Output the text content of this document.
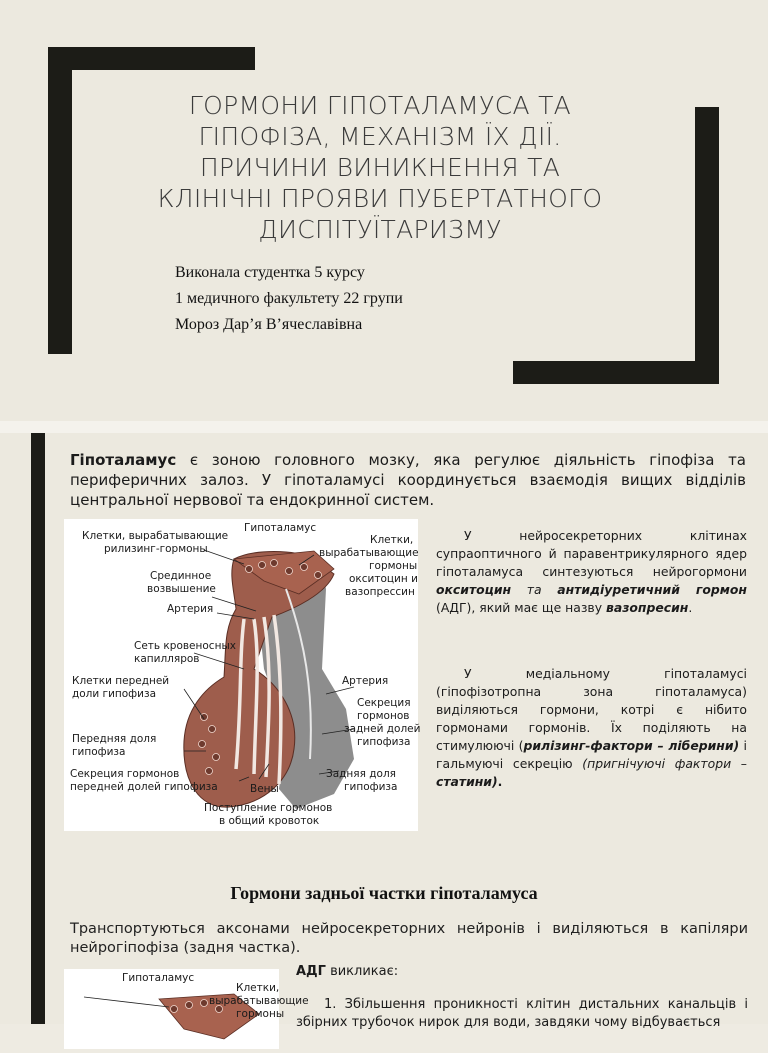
ГОРМОНИ ГІПОТАЛАМУСА ТА ГІПОФІЗА, МЕХАНІЗМ ЇХ ДІЇ. ПРИЧИНИ ВИНИКНЕННЯ ТА КЛІНІЧНІ ПРОЯВИ ПУБЕРТАТНОГО ДИСПІТУЇТАРИЗМУ
Виконала студентка 5 курсу
1 медичного факультету 22 групи
Мороз Дар’я В’ячеславівна
Гіпоталамус є зоною головного мозку, яка регулює діяльність гіпофіза та периферичних залоз. У гіпоталамусі координується взаємодія вищих відділів центральної нервової та ендокринної систем.
Гипоталамус
Клетки, вырабатывающие
рилизинг-гормоны
Клетки,
вырабатывающие
гормоны
окситоцин и
вазопрессин
Срединное
возвышение
Артерия
Сеть кровеносных
капилляров
Клетки передней
доли гипофиза
Артерия
Секреция
гормонов
задней долей
гипофиза
Передняя доля
гипофиза
Секреция гормонов
передней долей гипофиза	Вены
Задняя доля
гипофиза
Поступление гормонов
в общий кровоток
У нейросекреторних клітинах супраоптичного й паравентрикулярного ядер гіпоталамуса синтезуються нейрогормони окситоцин та антидіуретичний гормон (АДГ), який має ще назву вазопресин.
У медіальному гіпоталамусі (гіпофізотропна зона гіпоталамуса) виділяються гормони, котрі є нібито гормонами гормонів. Їх поділяють на стимулюючі (рилізинг-фактори – ліберини) і гальмуючі секрецію (пригнічуючі фактори – статини).
Гормони задньої частки гіпоталамуса
Транспортуються аксонами нейросекреторних нейронів і виділяються в капіляри нейрогіпофіза (задня частка).
Гипоталамус
Клетки,
вырабатывающие
гормоны
АДГ викликає:
1. Збільшення проникності клітин дистальних канальців і збірних трубочок нирок для води, завдяки чому відбувається
